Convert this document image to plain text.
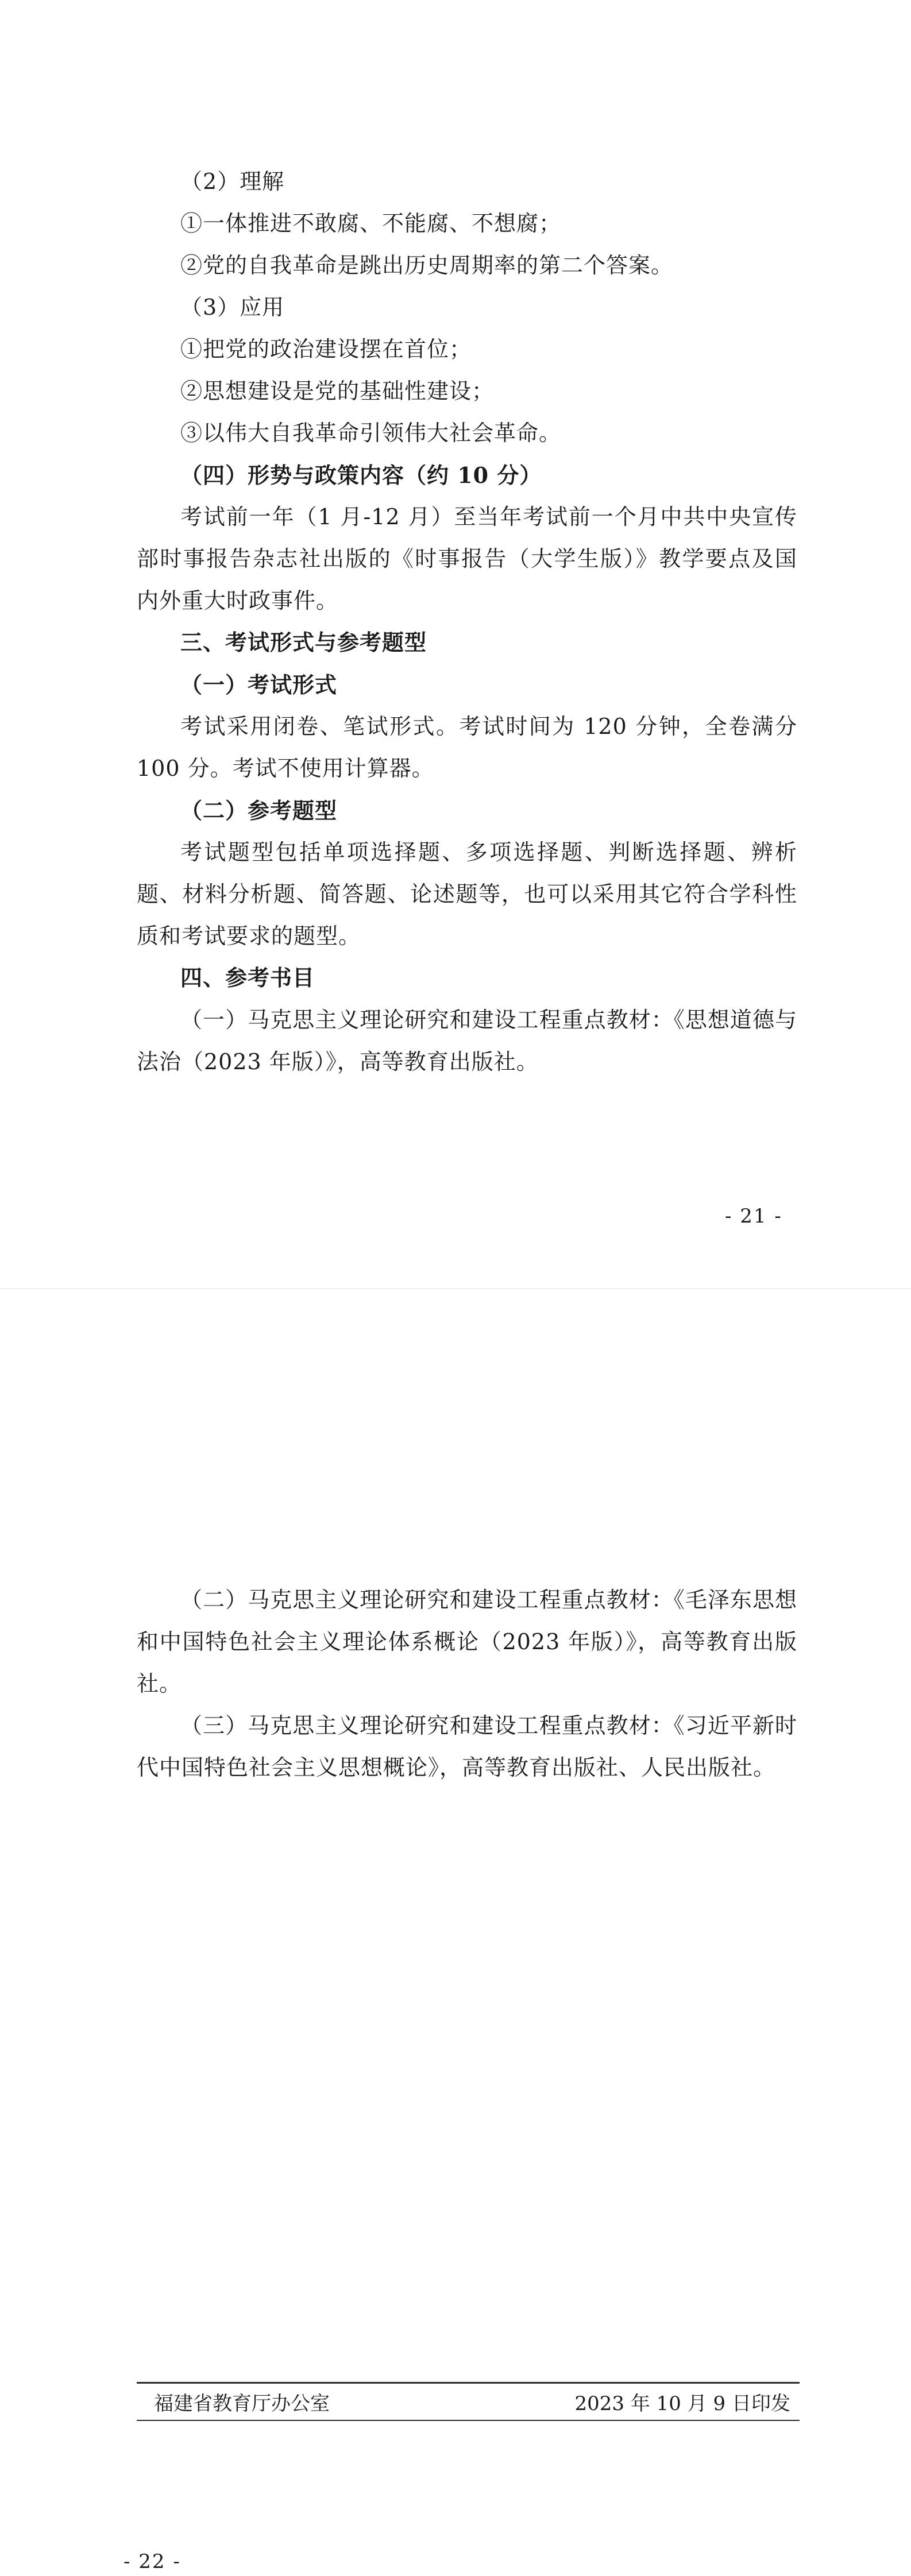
（2）理解

①一体推进不敢腐、不能腐、不想腐；

②党的自我革命是跳出历史周期率的第二个答案。

（3）应用

①把党的政治建设摆在首位；

②思想建设是党的基础性建设；

③以伟大自我革命引领伟大社会革命。

（四）形势与政策内容（约 10 分）

考试前一年（1 月-12 月）至当年考试前一个月中共中央宣传部时事报告杂志社出版的《时事报告（大学生版）》教学要点及国内外重大时政事件。

三、考试形式与参考题型

（一）考试形式

考试采用闭卷、笔试形式。考试时间为 120 分钟，全卷满分 100 分。考试不使用计算器。

（二）参考题型

考试题型包括单项选择题、多项选择题、判断选择题、辨析题、材料分析题、简答题、论述题等，也可以采用其它符合学科性质和考试要求的题型。

四、参考书目

（一）马克思主义理论研究和建设工程重点教材：《思想道德与法治（2023 年版）》，高等教育出版社。

- 21 -

（二）马克思主义理论研究和建设工程重点教材：《毛泽东思想和中国特色社会主义理论体系概论（2023 年版）》，高等教育出版社。

（三）马克思主义理论研究和建设工程重点教材：《习近平新时代中国特色社会主义思想概论》，高等教育出版社、人民出版社。

福建省教育厅办公室	2023 年 10 月 9 日印发
- 22 -
